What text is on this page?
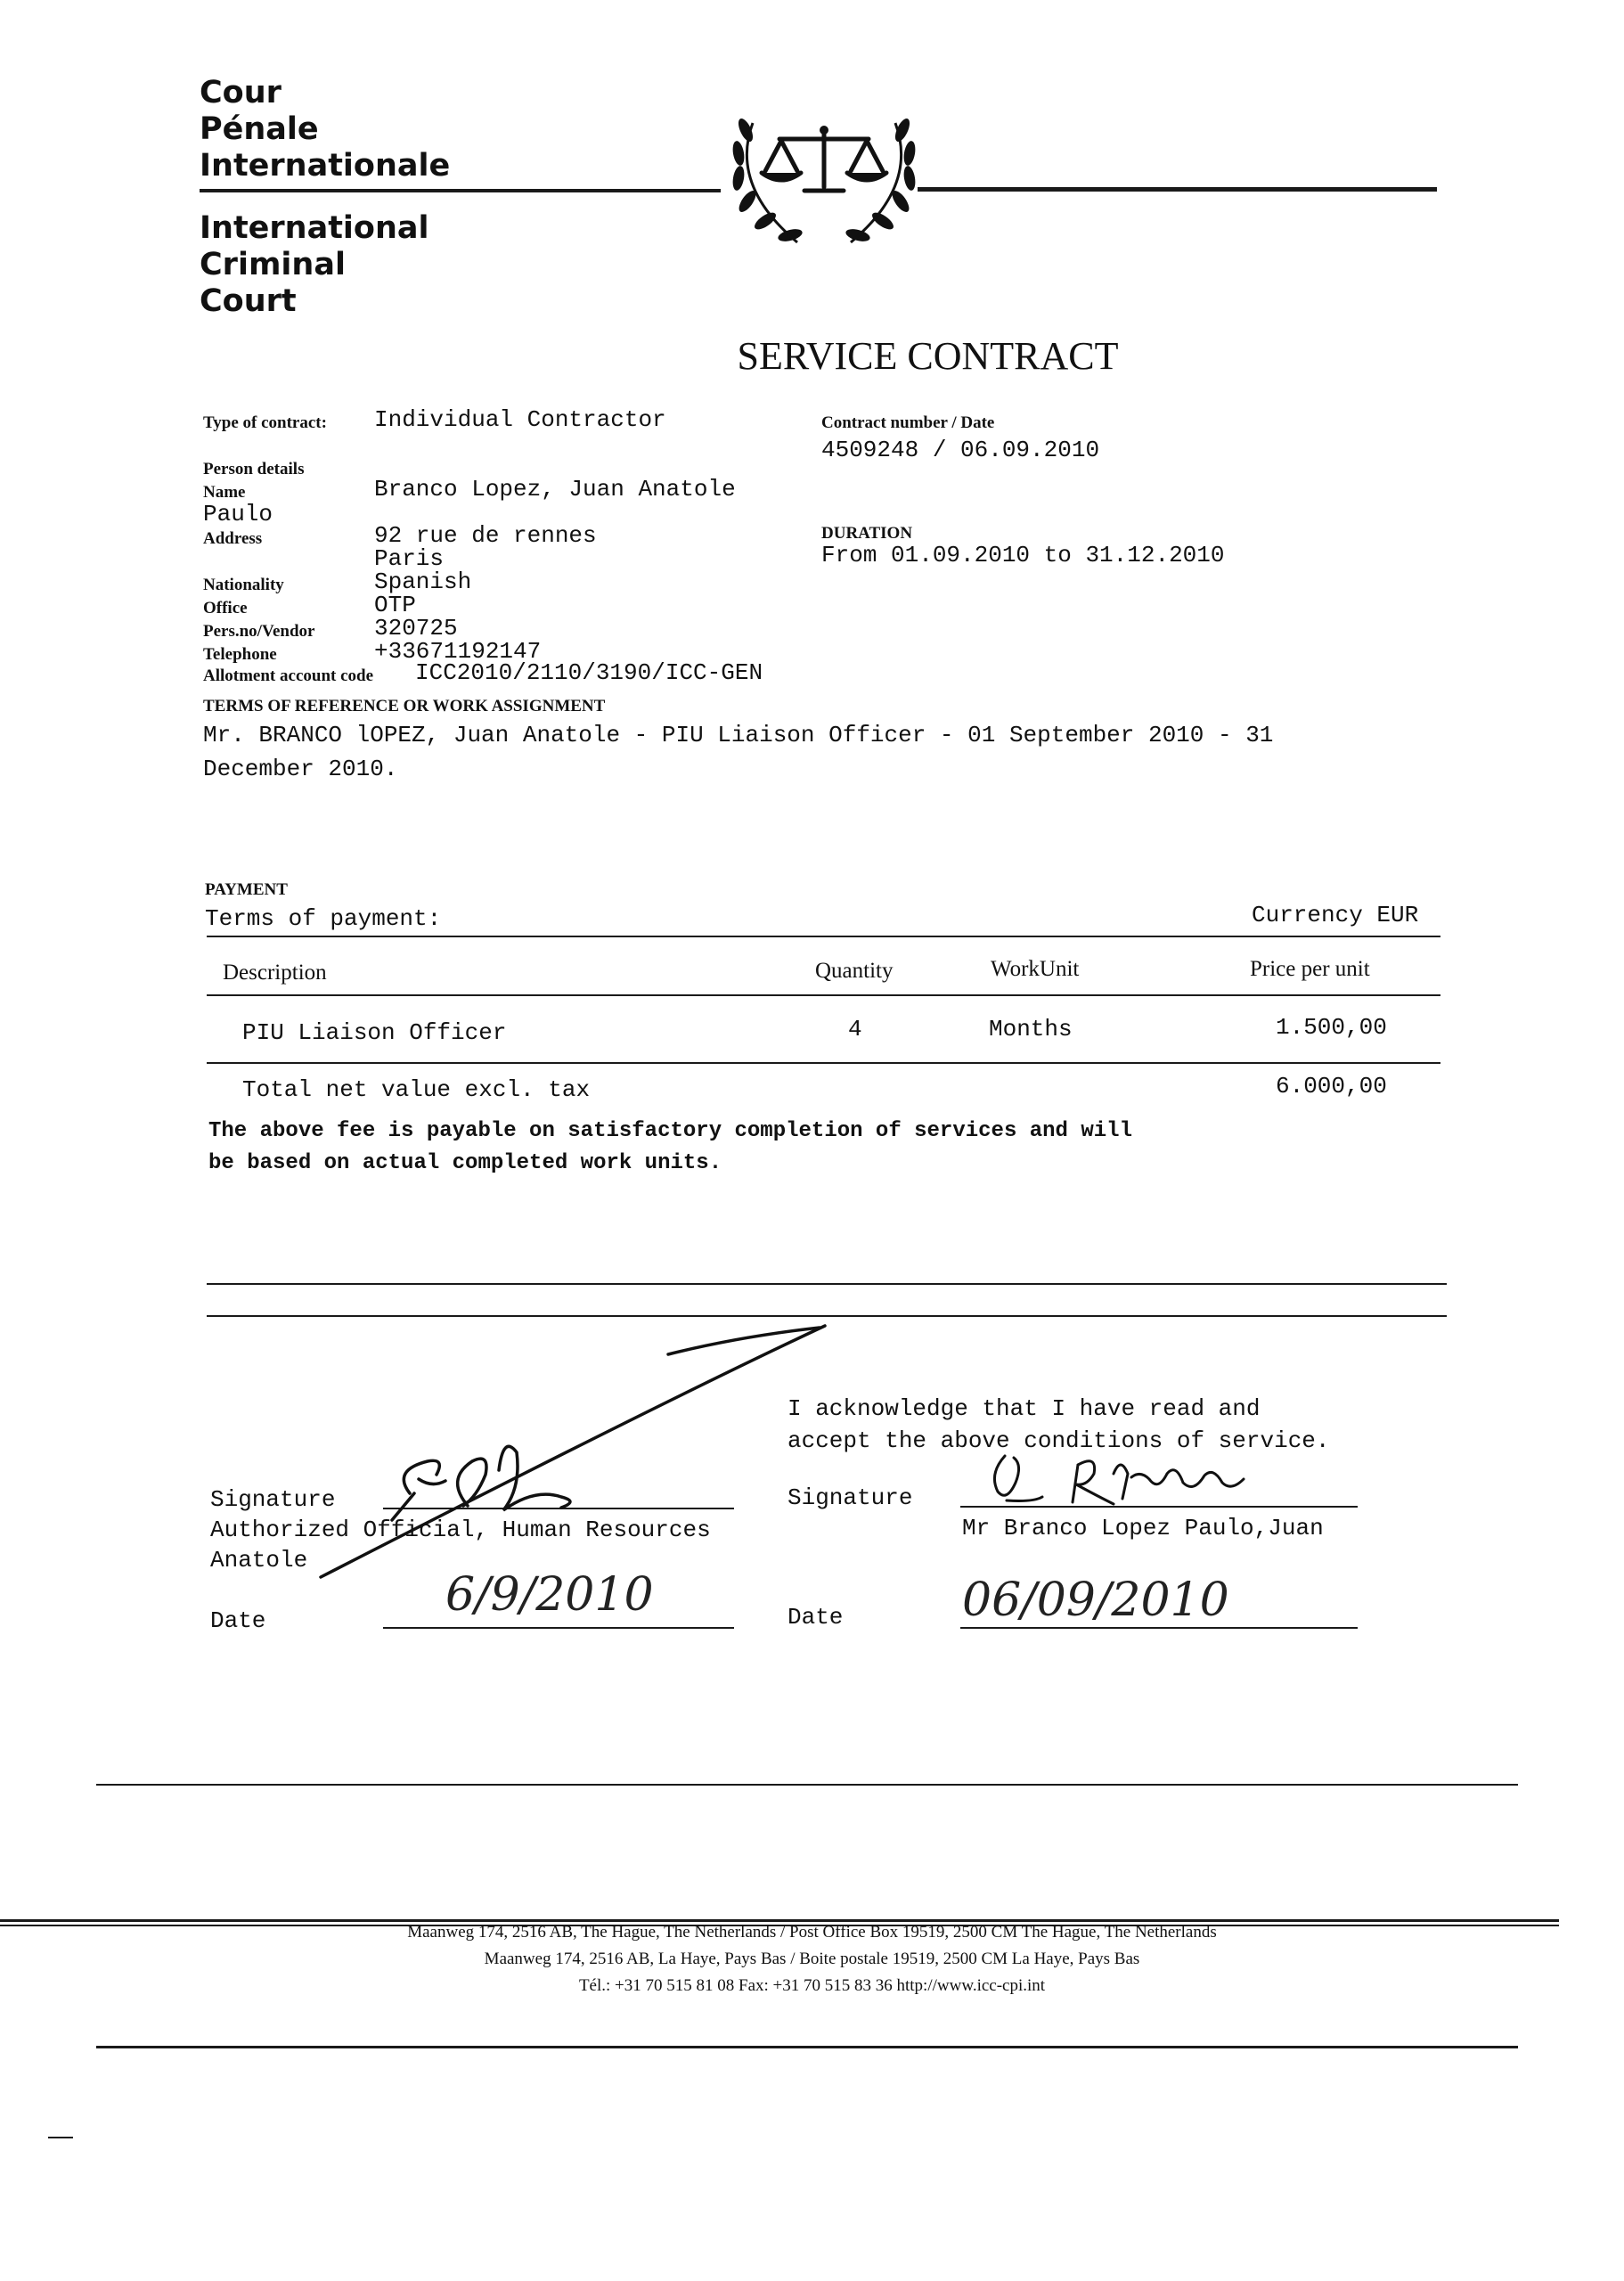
Cour
Pénale
Internationale
International
Criminal
Court
SERVICE CONTRACT
Type of contract: Individual Contractor
Person details
Name	Branco Lopez, Juan Anatole
Paulo
Address	92 rue de rennes
Paris
Nationality	Spanish
Office	OTP
Pers.no/Vendor	320725
Telephone	+33671192147
Allotment account code ICC2010/2110/3190/ICC-GEN
Contract number / Date
4509248 / 06.09.2010
DURATION
From 01.09.2010 to 31.12.2010
TERMS OF REFERENCE OR WORK ASSIGNMENT
Mr. BRANCO lOPEZ, Juan Anatole - PIU Liaison Officer - 01 September 2010 - 31
December 2010.
PAYMENT
Terms of payment:	Currency EUR
Description	Quantity	WorkUnit	Price per unit
PIU Liaison Officer	4	Months	1.500,00
Total net value excl. tax	6.000,00
The above fee is payable on satisfactory completion of services and will
be based on actual completed work units.
Signature
Authorized Official, Human Resources
Anatole
Date	6/9/2010
I acknowledge that I have read and
accept the above conditions of service.
Signature
Mr Branco Lopez Paulo,Juan
Date	06/09/2010
Maanweg 174, 2516 AB, The Hague, The Netherlands / Post Office Box 19519, 2500 CM The Hague, The Netherlands
Maanweg 174, 2516 AB, La Haye, Pays Bas / Boite postale 19519, 2500 CM La Haye, Pays Bas
Tél.: +31 70 515 81 08 Fax: +31 70 515 83 36 http://www.icc-cpi.int
